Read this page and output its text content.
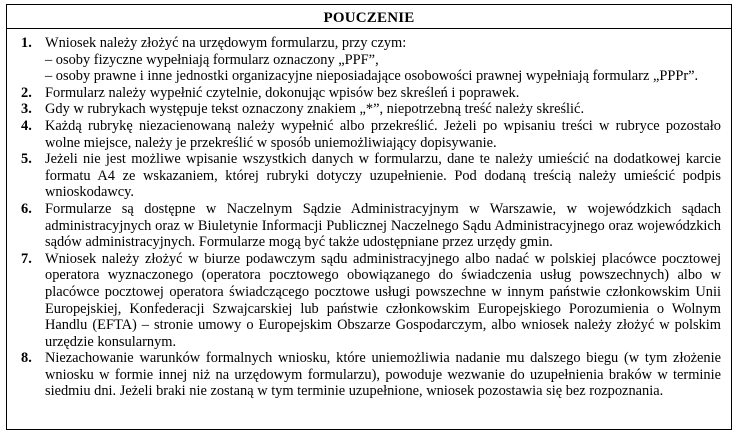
POUCZENIE
1. Wniosek należy złożyć na urzędowym formularzu, przy czym:
– osoby fizyczne wypełniają formularz oznaczony „PPF”,
– osoby prawne i inne jednostki organizacyjne nieposiadające osobowości prawnej wypełniają formularz „PPPr”.
2. Formularz należy wypełnić czytelnie, dokonując wpisów bez skreśleń i poprawek.
3. Gdy w rubrykach występuje tekst oznaczony znakiem „*”, niepotrzebną treść należy skreślić.
4. Każdą rubrykę niezacienowaną należy wypełnić albo przekreślić. Jeżeli po wpisaniu treści w rubryce pozostało wolne miejsce, należy je przekreślić w sposób uniemożliwiający dopisywanie.
5. Jeżeli nie jest możliwe wpisanie wszystkich danych w formularzu, dane te należy umieścić na dodatkowej karcie formatu A4 ze wskazaniem, której rubryki dotyczy uzupełnienie. Pod dodaną treścią należy umieścić podpis wnioskodawcy.
6. Formularze są dostępne w Naczelnym Sądzie Administracyjnym w Warszawie, w wojewódzkich sądach administracyjnych oraz w Biuletynie Informacji Publicznej Naczelnego Sądu Administracyjnego oraz wojewódzkich sądów administracyjnych. Formularze mogą być także udostępniane przez urzędy gmin.
7. Wniosek należy złożyć w biurze podawczym sądu administracyjnego albo nadać w polskiej placówce pocztowej operatora wyznaczonego (operatora pocztowego obowiązanego do świadczenia usług powszechnych) albo w placówce pocztowej operatora świadczącego pocztowe usługi powszechne w innym państwie członkowskim Unii Europejskiej, Konfederacji Szwajcarskiej lub państwie członkowskim Europejskiego Porozumienia o Wolnym Handlu (EFTA) – stronie umowy o Europejskim Obszarze Gospodarczym, albo wniosek należy złożyć w polskim urzędzie konsularnym.
8. Niezachowanie warunków formalnych wniosku, które uniemożliwia nadanie mu dalszego biegu (w tym złożenie wniosku w formie innej niż na urzędowym formularzu), powoduje wezwanie do uzupełnienia braków w terminie siedmiu dni. Jeżeli braki nie zostaną w tym terminie uzupełnione, wniosek pozostawia się bez rozpoznania.
